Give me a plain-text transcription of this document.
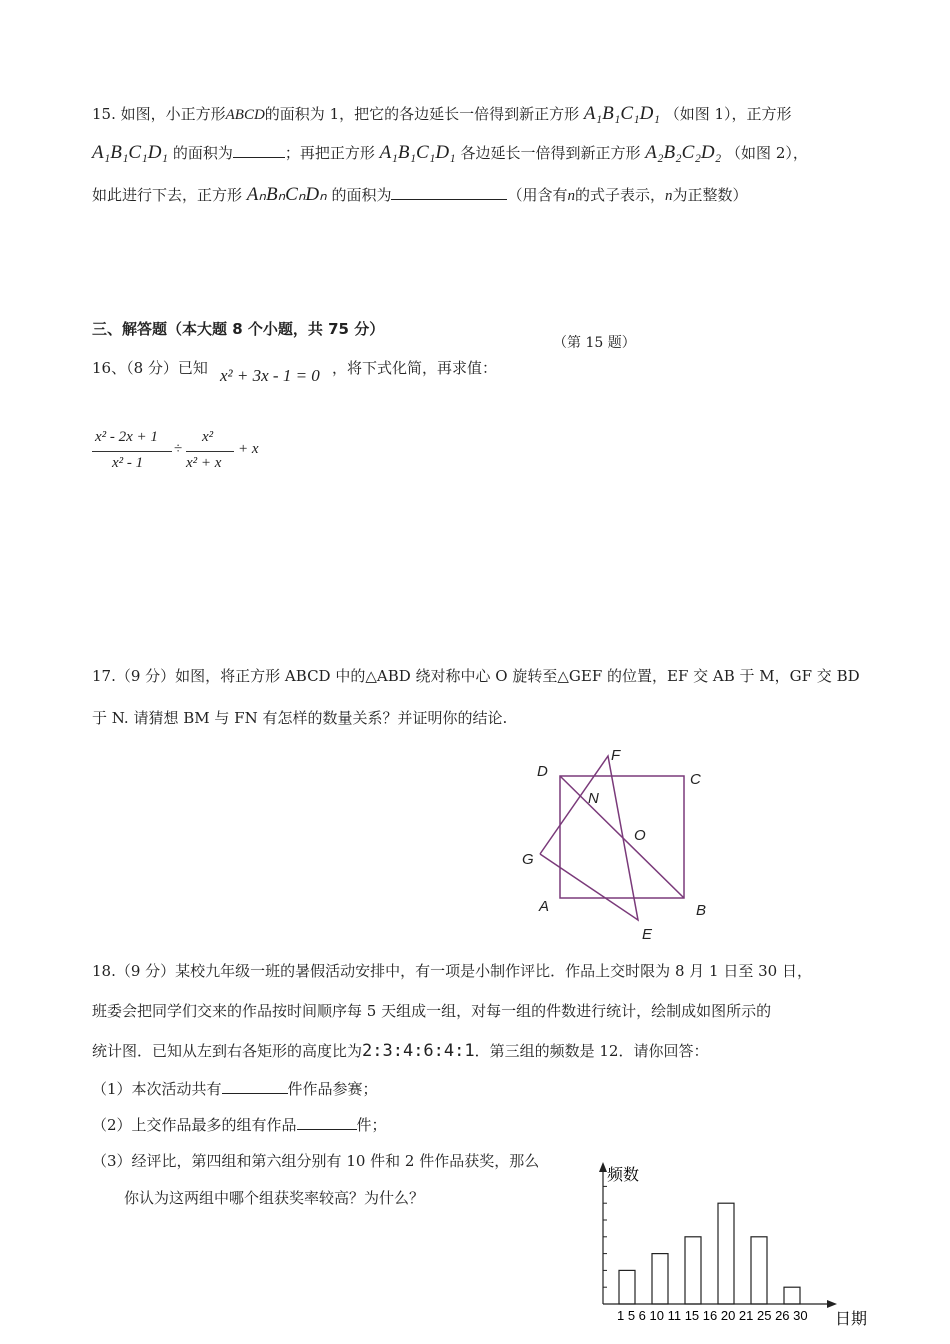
15. 如图，小正方形ABCD的面积为 1，把它的各边延长一倍得到新正方形 A₁B₁C₁D₁ （如图 1），正方形
A₁B₁C₁D₁ 的面积为	；再把正方形 A₁B₁C₁D₁ 各边延长一倍得到新正方形 A₂B₂C₂D₂ （如图 2），
如此进行下去，正方形 AₙBₙCₙDₙ 的面积为	（用含有n的式子表示，n为正整数）
三、解答题（本大题 8 个小题，共 75 分）
（第 15 题）
16、（8 分）已知 x² + 3x - 1 = 0 ，将下式化简，再求值：
x² - 2x + 1
x² - 1
÷
x²
x² + x
+ x
17.（9 分）如图，将正方形 ABCD 中的△ABD 绕对称中心 O 旋转至△GEF 的位置，EF 交 AB 于 M，GF 交 BD
于 N. 请猜想 BM 与 FN 有怎样的数量关系？并证明你的结论.
D
F
C
N
O
G
A	B
E
18.（9 分）某校九年级一班的暑假活动安排中，有一项是小制作评比．作品上交时限为 8 月 1 日至 30 日，
班委会把同学们交来的作品按时间顺序每 5 天组成一组，对每一组的件数进行统计，绘制成如图所示的
统计图．已知从左到右各矩形的高度比为2:3:4:6:4:1．第三组的频数是 12．请你回答：
（1）本次活动共有	件作品参赛；
（2）上交作品最多的组有作品	件；
（3）经评比，第四组和第六组分别有 10 件和 2 件作品获奖，那么
你认为这两组中哪个组获奖率较高？为什么？
频数
日期
1 5 6 10 11 15 16 20 21 25 26 30
